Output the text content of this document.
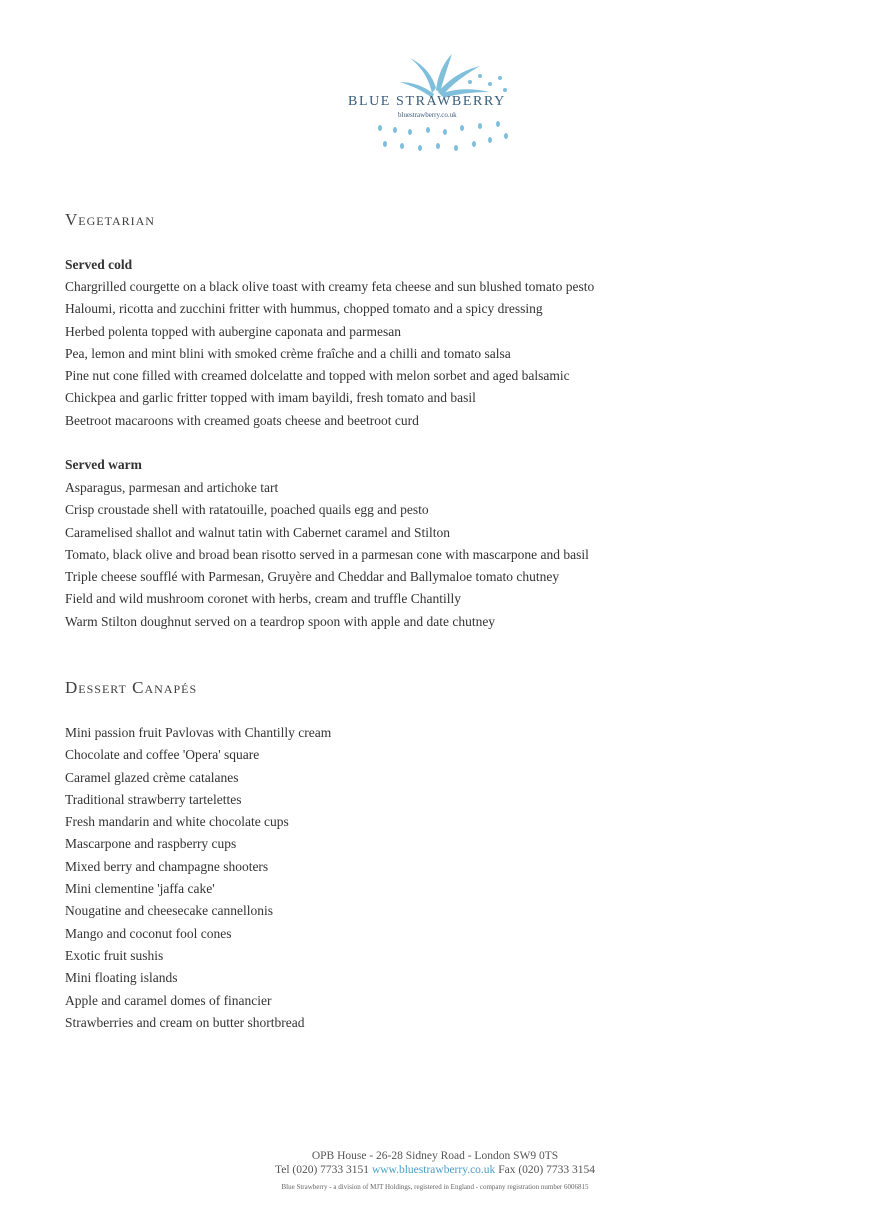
BLUE STRAWBERRY
bluestrawberry.co.uk
Vegetarian
Served cold
Chargrilled courgette on a black olive toast with creamy feta cheese and sun blushed tomato pesto
Haloumi, ricotta and zucchini fritter with hummus, chopped tomato and a spicy dressing
Herbed polenta topped with aubergine caponata and parmesan
Pea, lemon and mint blini with smoked crème fraîche and a chilli and tomato salsa
Pine nut cone filled with creamed dolcelatte and topped with melon sorbet and aged balsamic
Chickpea and garlic fritter topped with imam bayildi, fresh tomato and basil
Beetroot macaroons with creamed goats cheese and beetroot curd
Served warm
Asparagus, parmesan and artichoke tart
Crisp croustade shell with ratatouille, poached quails egg and pesto
Caramelised shallot and walnut tatin with Cabernet caramel and Stilton
Tomato, black olive and broad bean risotto served in a parmesan cone with mascarpone and basil
Triple cheese soufflé with Parmesan, Gruyère and Cheddar and Ballymaloe tomato chutney
Field and wild mushroom coronet with herbs, cream and truffle Chantilly
Warm Stilton doughnut served on a teardrop spoon with apple and date chutney
Dessert Canapés
Mini passion fruit Pavlovas with Chantilly cream
Chocolate and coffee 'Opera' square
Caramel glazed crème catalanes
Traditional strawberry tartelettes
Fresh mandarin and white chocolate cups
Mascarpone and raspberry cups
Mixed berry and champagne shooters
Mini clementine 'jaffa cake'
Nougatine and cheesecake cannellonis
Mango and coconut fool cones
Exotic fruit sushis
Mini floating islands
Apple and caramel domes of financier
Strawberries and cream on butter shortbread
OPB House - 26-28 Sidney Road - London SW9 0TS
Tel (020) 7733 3151 www.bluestrawberry.co.uk Fax (020) 7733 3154
Blue Strawberry - a division of MJT Holdings, registered in England - company registration number 6006815
